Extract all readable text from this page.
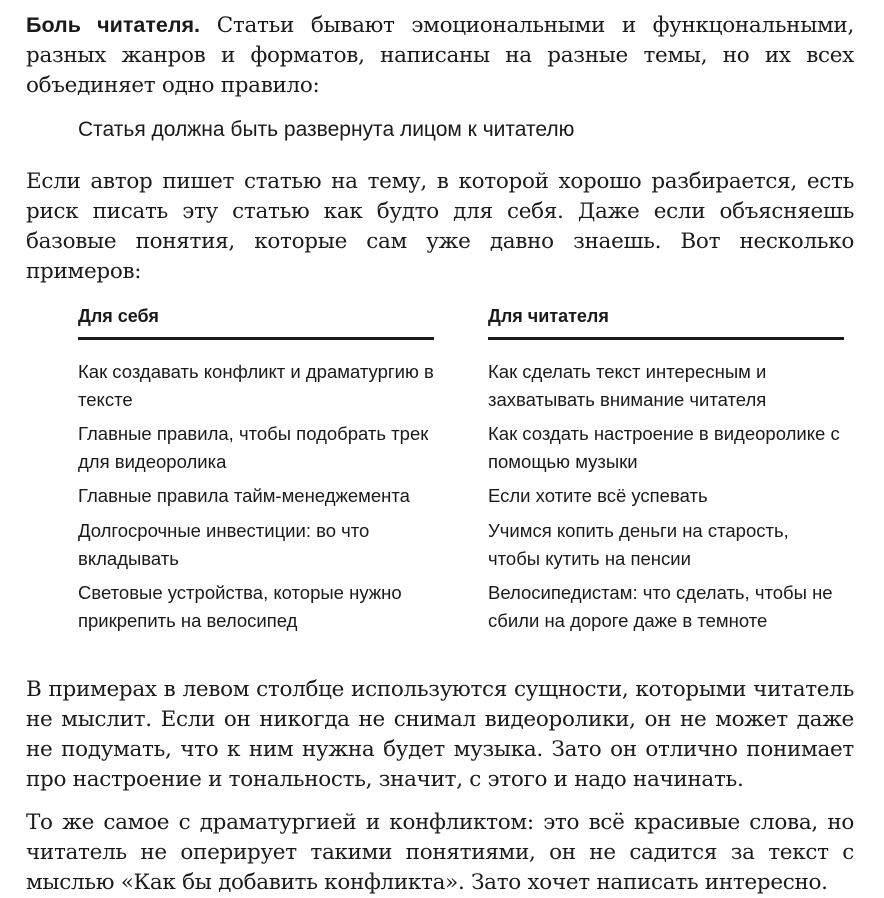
Боль читателя. Статьи бывают эмоциональными и функцональными, разных жанров и форматов, написаны на разные темы, но их всех объединяет одно правило:

Статья должна быть развернута лицом к читателю

Если автор пишет статью на тему, в которой хорошо разбирается, есть риск писать эту статью как будто для себя. Даже если объясняешь базовые понятия, которые сам уже давно знаешь. Вот несколько примеров:

Для себя
Как создавать конфликт и драматургию в тексте
Главные правила, чтобы подобрать трек для видеоролика
Главные правила тайм-менеджемента
Долгосрочные инвестиции: во что вкладывать
Световые устройства, которые нужно прикрепить на велосипед
Для читателя
Как сделать текст интересным и захватывать внимание читателя
Как создать настроение в видеоролике с помощью музыки
Если хотите всё успевать
Учимся копить деньги на старость, чтобы кутить на пенсии
Велосипедистам: что сделать, чтобы не сбили на дороге даже в темноте

В примерах в левом столбце используются сущности, которыми читатель не мыслит. Если он никогда не снимал видеоролики, он не может даже не подумать, что к ним нужна будет музыка. Зато он отлично понимает про настроение и тональность, значит, с этого и надо начинать.

То же самое с драматургией и конфликтом: это всё красивые слова, но читатель не оперирует такими понятиями, он не садится за текст с мыслью «Как бы добавить конфликта». Зато хочет написать интересно.
